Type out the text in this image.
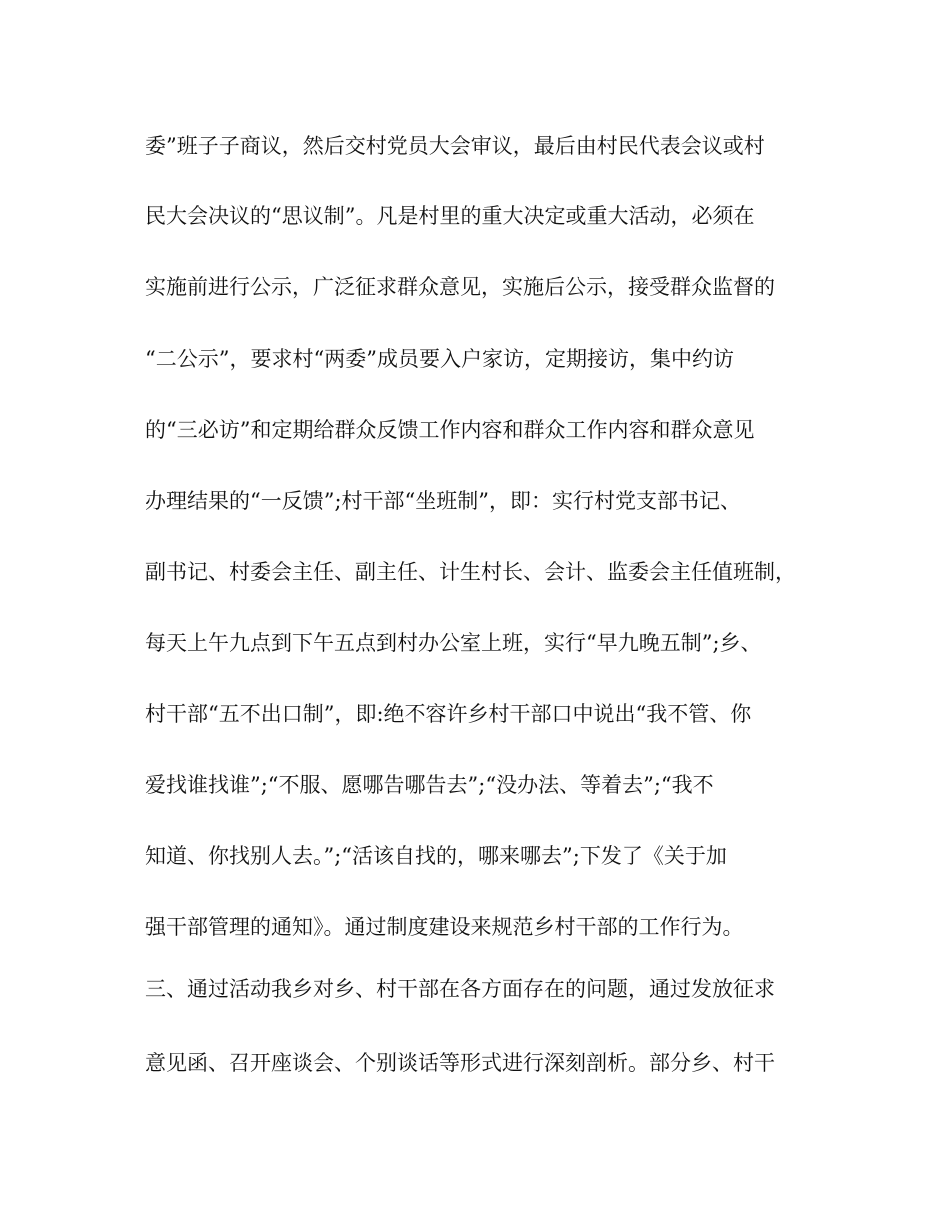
委”班子子商议，然后交村党员大会审议，最后由村民代表会议或村
民大会决议的“思议制”。凡是村里的重大决定或重大活动，必须在
实施前进行公示，广泛征求群众意见，实施后公示，接受群众监督的
“二公示”，要求村“两委”成员要入户家访，定期接访，集中约访
的“三必访”和定期给群众反馈工作内容和群众工作内容和群众意见
办理结果的“一反馈”;村干部“坐班制”，即：实行村党支部书记、
副书记、村委会主任、副主任、计生村长、会计、监委会主任值班制，
每天上午九点到下午五点到村办公室上班，实行“早九晚五制”;乡、
村干部“五不出口制”，即:绝不容许乡村干部口中说出“我不管、你
爱找谁找谁”;“不服、愿哪告哪告去”;“没办法、等着去”;“我不
知道、你找别人去。”;“活该自找的，哪来哪去”;下发了《关于加
强干部管理的通知》。通过制度建设来规范乡村干部的工作行为。
三、通过活动我乡对乡、村干部在各方面存在的问题，通过发放征求
意见函、召开座谈会、个别谈话等形式进行深刻剖析。部分乡、村干
